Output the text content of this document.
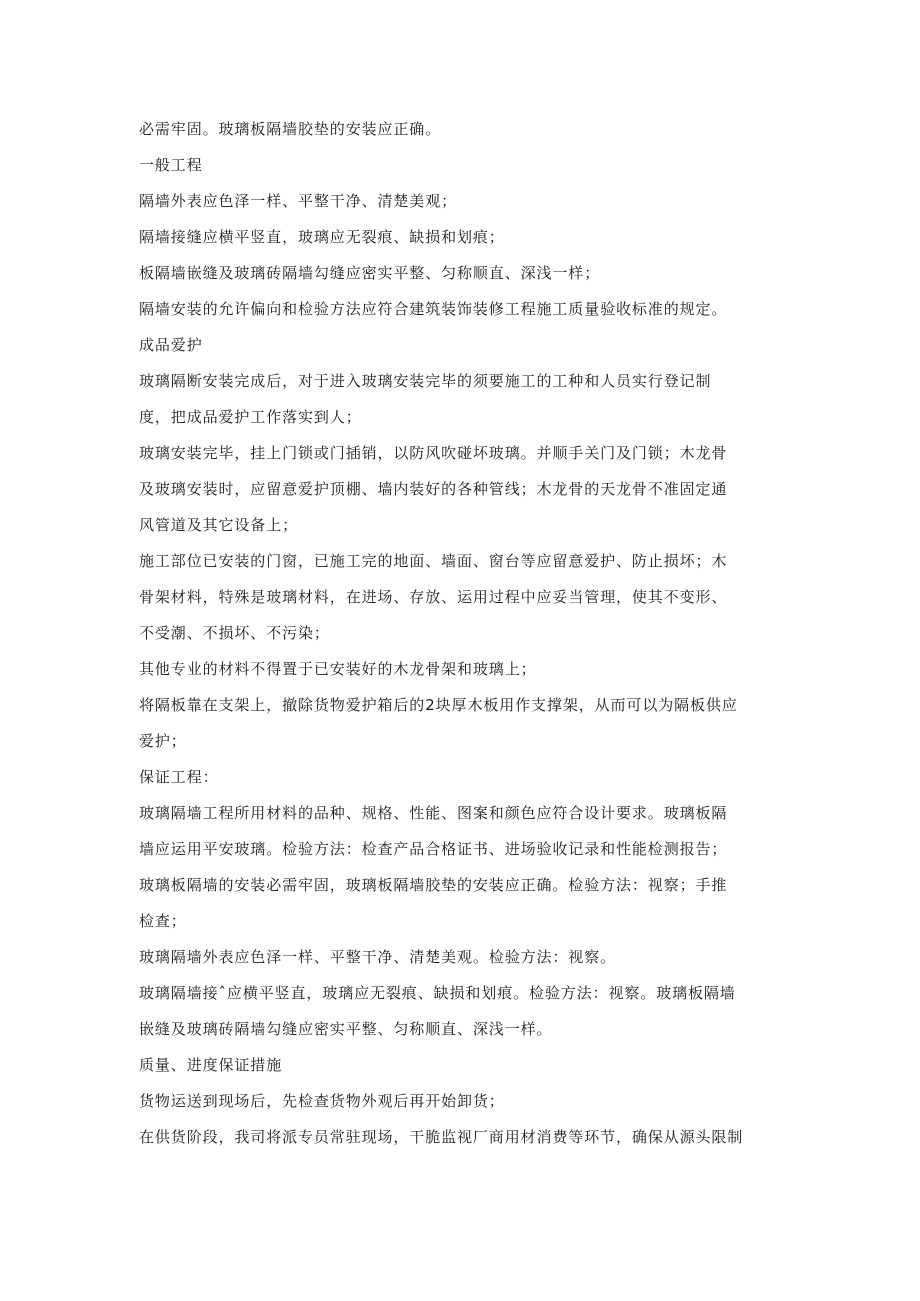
必需牢固。玻璃板隔墙胶垫的安装应正确。
一般工程
隔墙外表应色泽一样、平整干净、清楚美观；
隔墙接缝应横平竖直，玻璃应无裂痕、缺损和划痕；
板隔墙嵌缝及玻璃砖隔墙勾缝应密实平整、匀称顺直、深浅一样；
隔墙安装的允许偏向和检验方法应符合建筑装饰装修工程施工质量验收标准的规定。
成品爱护
玻璃隔断安装完成后，对于进入玻璃安装完毕的须要施工的工种和人员实行登记制
度，把成品爱护工作落实到人；
玻璃安装完毕，挂上门锁或门插销，以防风吹碰坏玻璃。并顺手关门及门锁；木龙骨
及玻璃安装时，应留意爱护顶棚、墙内装好的各种管线；木龙骨的天龙骨不准固定通
风管道及其它设备上；
施工部位已安装的门窗，已施工完的地面、墙面、窗台等应留意爱护、防止损坏；木
骨架材料，特殊是玻璃材料，在进场、存放、运用过程中应妥当管理，使其不变形、
不受潮、不损坏、不污染；
其他专业的材料不得置于已安装好的木龙骨架和玻璃上；
将隔板靠在支架上，撤除货物爱护箱后的2块厚木板用作支撑架，从而可以为隔板供应
爱护；
保证工程：
玻璃隔墙工程所用材料的品种、规格、性能、图案和颜色应符合设计要求。玻璃板隔
墙应运用平安玻璃。检验方法：检查产品合格证书、进场验收记录和性能检测报告；
玻璃板隔墙的安装必需牢固，玻璃板隔墙胶垫的安装应正确。检验方法：视察；手推
检查；
玻璃隔墙外表应色泽一样、平整干净、清楚美观。检验方法：视察。
玻璃隔墙接ˆ应横平竖直，玻璃应无裂痕、缺损和划痕。检验方法：视察。玻璃板隔墙
嵌缝及玻璃砖隔墙勾缝应密实平整、匀称顺直、深浅一样。
质量、进度保证措施
货物运送到现场后，先检查货物外观后再开始卸货；
在供货阶段，我司将派专员常驻现场，干脆监视厂商用材消费等环节，确保从源头限制
